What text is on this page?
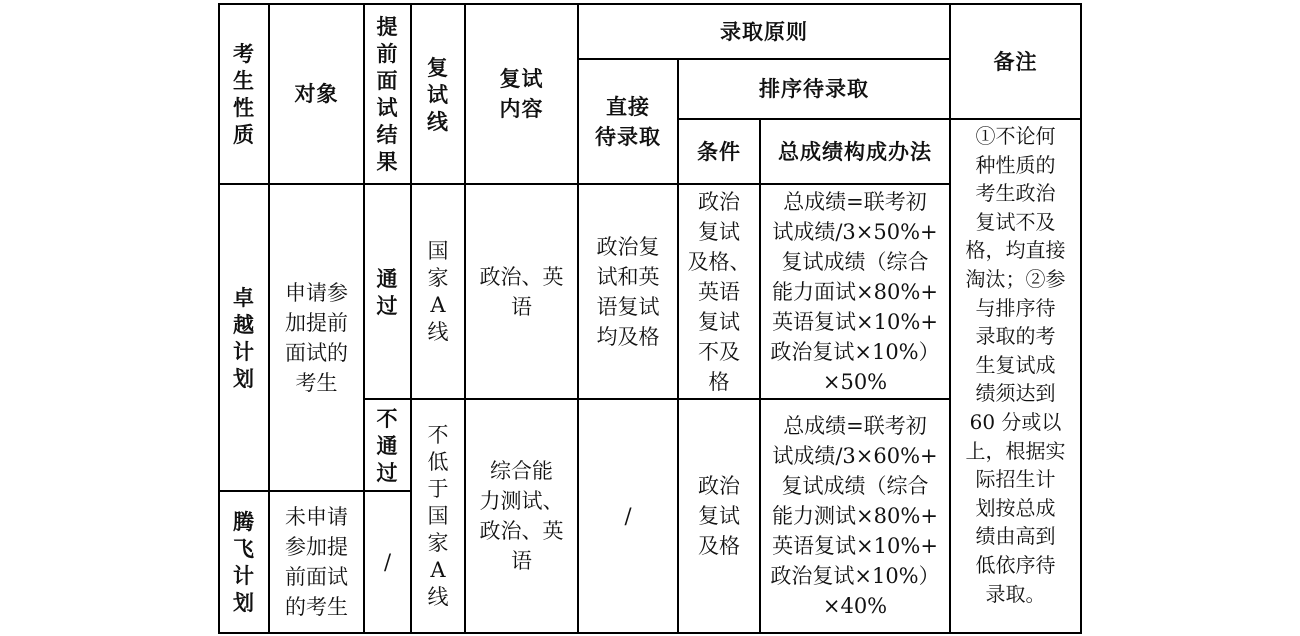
考
生
性
质
对象
提
前
面
试
结
果
复
试
线
复试
内容
录取原则
直接
待录取
排序待录取
条件 总成绩构成办法
备注
卓
越
计
划
申请参
加提前
面试的
考生
通
过
国
家
A
线
政治、英
语
政治复
试和英
语复试
均及格
政治
复试
及格、
英语
复试
不及
格
总成绩=联考初
试成绩/3×50%+
复试成绩（综合
能力面试×80%+
英语复试×10%+
政治复试×10%）
×50%
不
通
过
不
低
于
国
家
A
线
综合能
力测试、
政治、英
语
/
政治
复试
及格
总成绩=联考初
试成绩/3×60%+
复试成绩（综合
能力测试×80%+
英语复试×10%+
政治复试×10%）
×40%
腾
飞
计
划
未申请
参加提
前面试
的考生
/
①不论何
种性质的
考生政治
复试不及
格，均直接
淘汰；②参
与排序待
录取的考
生复试成
绩须达到
60 分或以
上，根据实
际招生计
划按总成
绩由高到
低依序待
录取。
